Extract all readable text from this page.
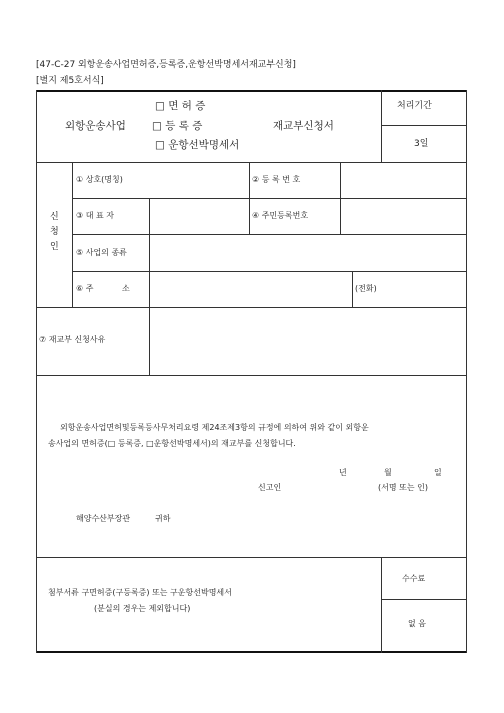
[47-C-27 외항운송사업면허증,등록증,운항선박명세서재교부신청]
[별지 제5호서식]
외항운송사업
□ 면 허 증
□ 등 록 증
□ 운항선박명세서
재교부신청서
처리기간
3일
신
청
인
① 상호(명칭)	② 등 록 번 호
③ 대 표 자	④ 주민등록번호
⑤ 사업의 종류
⑥ 주	소	(전화)
⑦ 재교부 신청사유
외항운송사업면허및등록등사무처리요령 제24조제3항의 규정에 의하여 위와 같이 외항운
송사업의 면허증(□ 등록증, □운항선박명세서)의 재교부를 신청합니다.
년	월	일
신고인	(서명 또는 인)
해양수산부장관	귀하
첨부서류 구면허증(구등록증) 또는 구운항선박명세서
(분실의 경우는 제외합니다)
수수료
없 음
